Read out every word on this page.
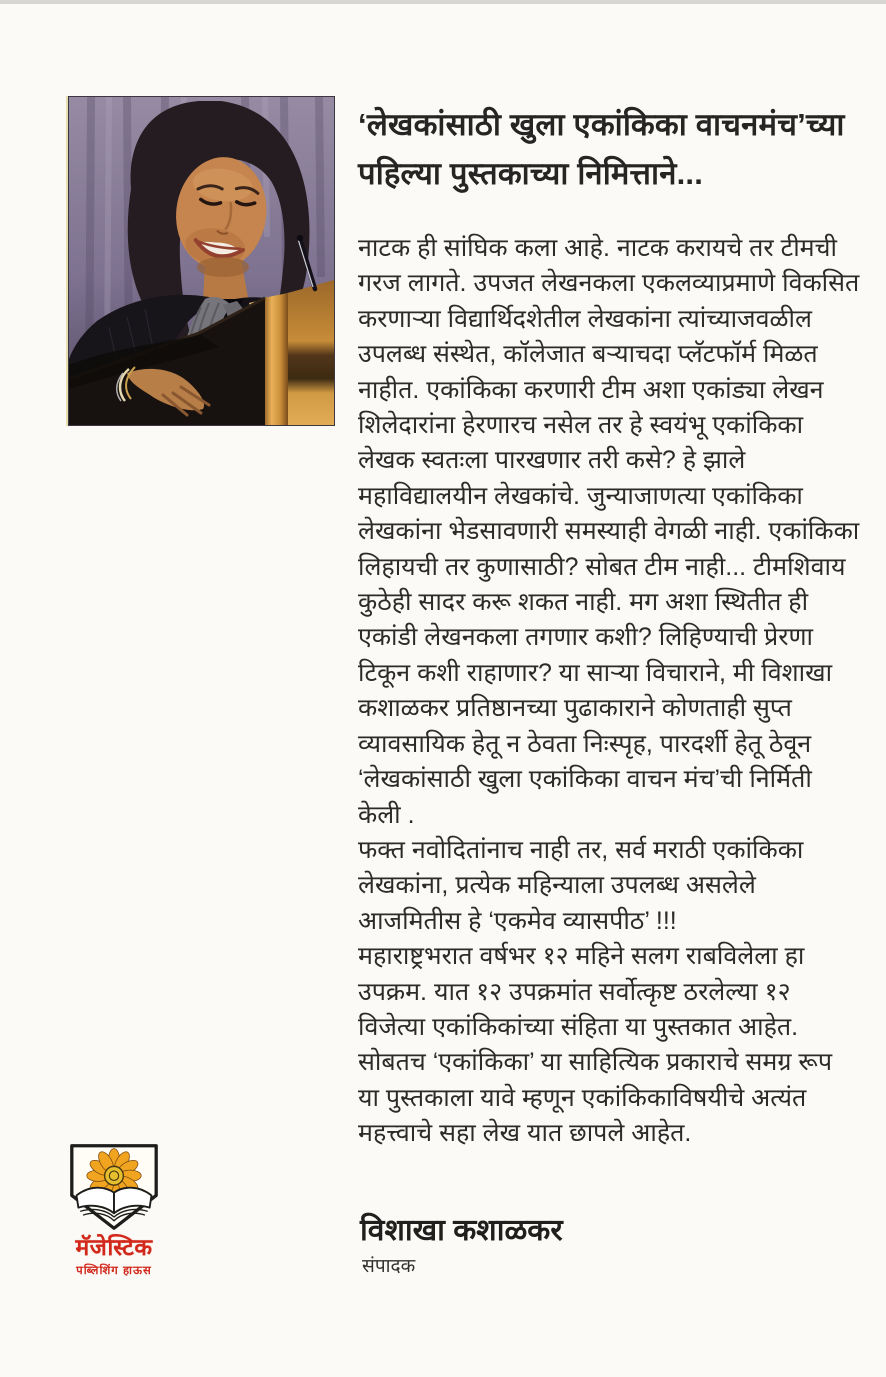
‘लेखकांसाठी खुला एकांकिका वाचनमंच’च्या
पहिल्या पुस्तकाच्या निमित्ताने...
नाटक ही सांघिक कला आहे. नाटक करायचे तर टीमची
गरज लागते. उपजत लेखनकला एकलव्याप्रमाणे विकसित
करणाऱ्या विद्यार्थिदशेतील लेखकांना त्यांच्याजवळील
उपलब्ध संस्थेत, कॉलेजात बऱ्याचदा प्लॅटफॉर्म मिळत
नाहीत. एकांकिका करणारी टीम अशा एकांड्या लेखन
शिलेदारांना हेरणारच नसेल तर हे स्वयंभू एकांकिका
लेखक स्वतःला पारखणार तरी कसे? हे झाले
महाविद्यालयीन लेखकांचे. जुन्याजाणत्या एकांकिका
लेखकांना भेडसावणारी समस्याही वेगळी नाही. एकांकिका
लिहायची तर कुणासाठी? सोबत टीम नाही... टीमशिवाय
कुठेही सादर करू शकत नाही. मग अशा स्थितीत ही
एकांडी लेखनकला तगणार कशी? लिहिण्याची प्रेरणा
टिकून कशी राहाणार? या साऱ्या विचाराने, मी विशाखा
कशाळकर प्रतिष्ठानच्या पुढाकाराने कोणताही सुप्त
व्यावसायिक हेतू न ठेवता निःस्पृह, पारदर्शी हेतू ठेवून
‘लेखकांसाठी खुला एकांकिका वाचन मंच’ची निर्मिती
केली .
फक्त नवोदितांनाच नाही तर, सर्व मराठी एकांकिका
लेखकांना, प्रत्येक महिन्याला उपलब्ध असलेले
आजमितीस हे ‘एकमेव व्यासपीठ’ !!!
महाराष्ट्रभरात वर्षभर १२ महिने सलग राबविलेला हा
उपक्रम. यात १२ उपक्रमांत सर्वोत्कृष्ट ठरलेल्या १२
विजेत्या एकांकिकांच्या संहिता या पुस्तकात आहेत.
सोबतच ‘एकांकिका’ या साहित्यिक प्रकाराचे समग्र रूप
या पुस्तकाला यावे म्हणून एकांकिकाविषयीचे अत्यंत
महत्त्वाचे सहा लेख यात छापले आहेत.
मॅजेस्टिक
पब्लिशिंग हाऊस
विशाखा कशाळकर
संपादक
